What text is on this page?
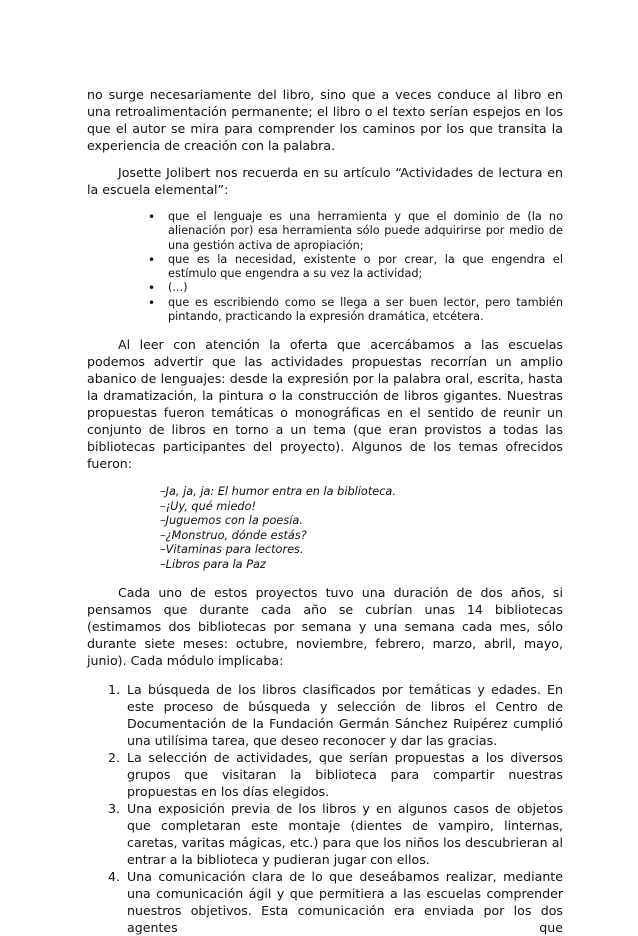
no surge necesariamente del libro, sino que a veces conduce al libro en una retroalimentación permanente; el libro o el texto serían espejos en los que el autor se mira para comprender los caminos por los que transita la experiencia de creación con la palabra.

Josette Jolibert nos recuerda en su artículo “Actividades de lectura en la escuela elemental”:

• que el lenguaje es una herramienta y que el dominio de (la no alienación por) esa herramienta sólo puede adquirirse por medio de una gestión activa de apropiación;
• que es la necesidad, existente o por crear, la que engendra el estímulo que engendra a su vez la actividad;
• (...)
• que es escribiendo como se llega a ser buen lector, pero también pintando, practicando la expresión dramática, etcétera.

Al leer con atención la oferta que acercábamos a las escuelas podemos advertir que las actividades propuestas recorrían un amplio abanico de lenguajes: desde la expresión por la palabra oral, escrita, hasta la dramatización, la pintura o la construcción de libros gigantes. Nuestras propuestas fueron temáticas o monográficas en el sentido de reunir un conjunto de libros en torno a un tema (que eran provistos a todas las bibliotecas participantes del proyecto). Algunos de los temas ofrecidos fueron:

–Ja, ja, ja: El humor entra en la biblioteca.
–¡Uy, qué miedo!
–Juguemos con la poesía.
–¿Monstruo, dónde estás?
–Vitaminas para lectores.
–Libros para la Paz

Cada uno de estos proyectos tuvo una duración de dos años, si pensamos que durante cada año se cubrían unas 14 bibliotecas (estimamos dos bibliotecas por semana y una semana cada mes, sólo durante siete meses: octubre, noviembre, febrero, marzo, abril, mayo, junio). Cada módulo implicaba:

1. La búsqueda de los libros clasificados por temáticas y edades. En este proceso de búsqueda y selección de libros el Centro de Documentación de la Fundación Germán Sánchez Ruipérez cumplió una utilísima tarea, que deseo reconocer y dar las gracias.
2. La selección de actividades, que serían propuestas a los diversos grupos que visitaran la biblioteca para compartir nuestras propuestas en los días elegidos.
3. Una exposición previa de los libros y en algunos casos de objetos que completaran este montaje (dientes de vampiro, linternas, caretas, varitas mágicas, etc.) para que los niños los descubrieran al entrar a la biblioteca y pudieran jugar con ellos.
4. Una comunicación clara de lo que deseábamos realizar, mediante una comunicación ágil y que permitiera a las escuelas comprender nuestros objetivos. Esta comunicación era enviada por los dos agentes que
